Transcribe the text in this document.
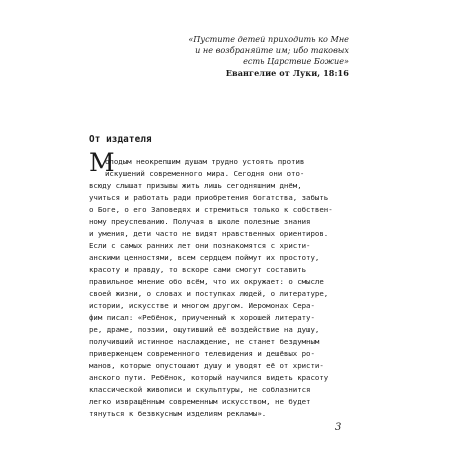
«Пустите детей приходить ко Мне
и не возбраняйте им; ибо таковых
есть Царствие Божие»
Евангелие от Луки, 18:16
От издателя
М
олодым неокрепшим душам трудно устоять против
искушений современного мира. Сегодня они ото-
всюду слышат призывы жить лишь сегодняшним днём,
учиться и работать ради приобретения богатства, забыть
о Боге, о его Заповедях и стремиться только к собствен-
ному преуспеванию. Получая в школе полезные знания
и умения, дети часто не видят нравственных ориентиров.
Если с самых ранних лет они познакомятся с христи-
анскими ценностями, всем сердцем поймут их простоту,
красоту и правду, то вскоре сами смогут составить
правильное мнение обо всём, что их окружает: о смысле
своей жизни, о словах и поступках людей, о литературе,
истории, искусстве и многом другом. Иеромонах Сера-
фим писал: «Ребёнок, приученный к хорошей литерату-
ре, драме, поэзии, ощутивший её воздействие на душу,
получивший истинное наслаждение, не станет бездумным
приверженцем современного телевидения и дешёвых ро-
манов, которые опустошают душу и уводят её от христи-
анского пути. Ребёнок, который научился видеть красоту
классической живописи и скульптуры, не соблазнится
легко извращённым современным искусством, не будет
тянуться к безвкусным изделиям рекламы».
3
